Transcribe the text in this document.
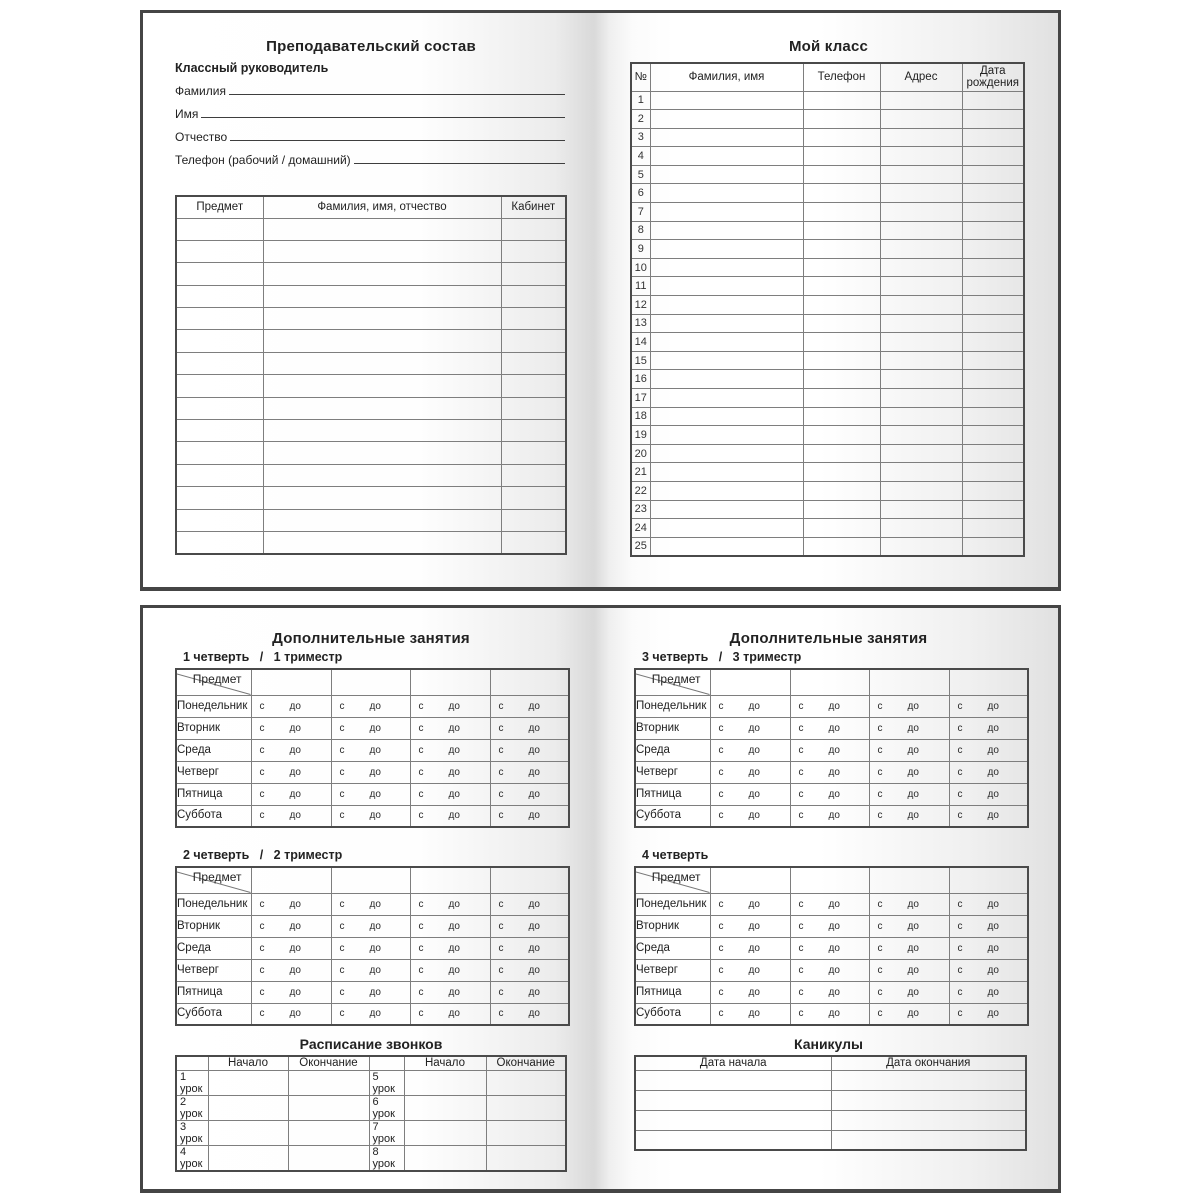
Преподавательский состав
Классный руководитель
Фамилия
Имя
Отчество
Телефон (рабочий / домашний)
Предмет	Фамилия, имя, отчество	Кабинет

Мой класс
№	Фамилия, имя	Телефон	Адрес	Дата рождения
1				
2				
3				
4				
5				
6				
7				
8				
9				
10				
11				
12				
13				
14				
15				
16				
17				
18				
19				
20				
21				
22				
23				
24				
25				
Дополнительные занятия
1 четверть   /   1 триместр
Предмет				

Понедельник	с до	с до	с до	с до

Вторник	с до	с до	с до	с до

Среда	с до	с до	с до	с до

Четверг	с до	с до	с до	с до

Пятница	с до	с до	с до	с до

Суббота	с до	с до	с до	с до
2 четверть   /   2 триместр
Предмет				

Понедельник	с до	с до	с до	с до

Вторник	с до	с до	с до	с до

Среда	с до	с до	с до	с до

Четверг	с до	с до	с до	с до

Пятница	с до	с до	с до	с до

Суббота	с до	с до	с до	с до
Расписание звонков
	Начало	Окончание		Начало	Окончание
1 урок			5 урок		
2 урок			6 урок		
3 урок			7 урок		
4 урок			8 урок		
Дополнительные занятия
3 четверть   /   3 триместр
Предмет				

Понедельник	с до	с до	с до	с до

Вторник	с до	с до	с до	с до

Среда	с до	с до	с до	с до

Четверг	с до	с до	с до	с до

Пятница	с до	с до	с до	с до

Суббота	с до	с до	с до	с до
4 четверть
Предмет				

Понедельник	с до	с до	с до	с до

Вторник	с до	с до	с до	с до

Среда	с до	с до	с до	с до

Четверг	с до	с до	с до	с до

Пятница	с до	с до	с до	с до

Суббота	с до	с до	с до	с до
Каникулы
Дата начала	Дата окончания
